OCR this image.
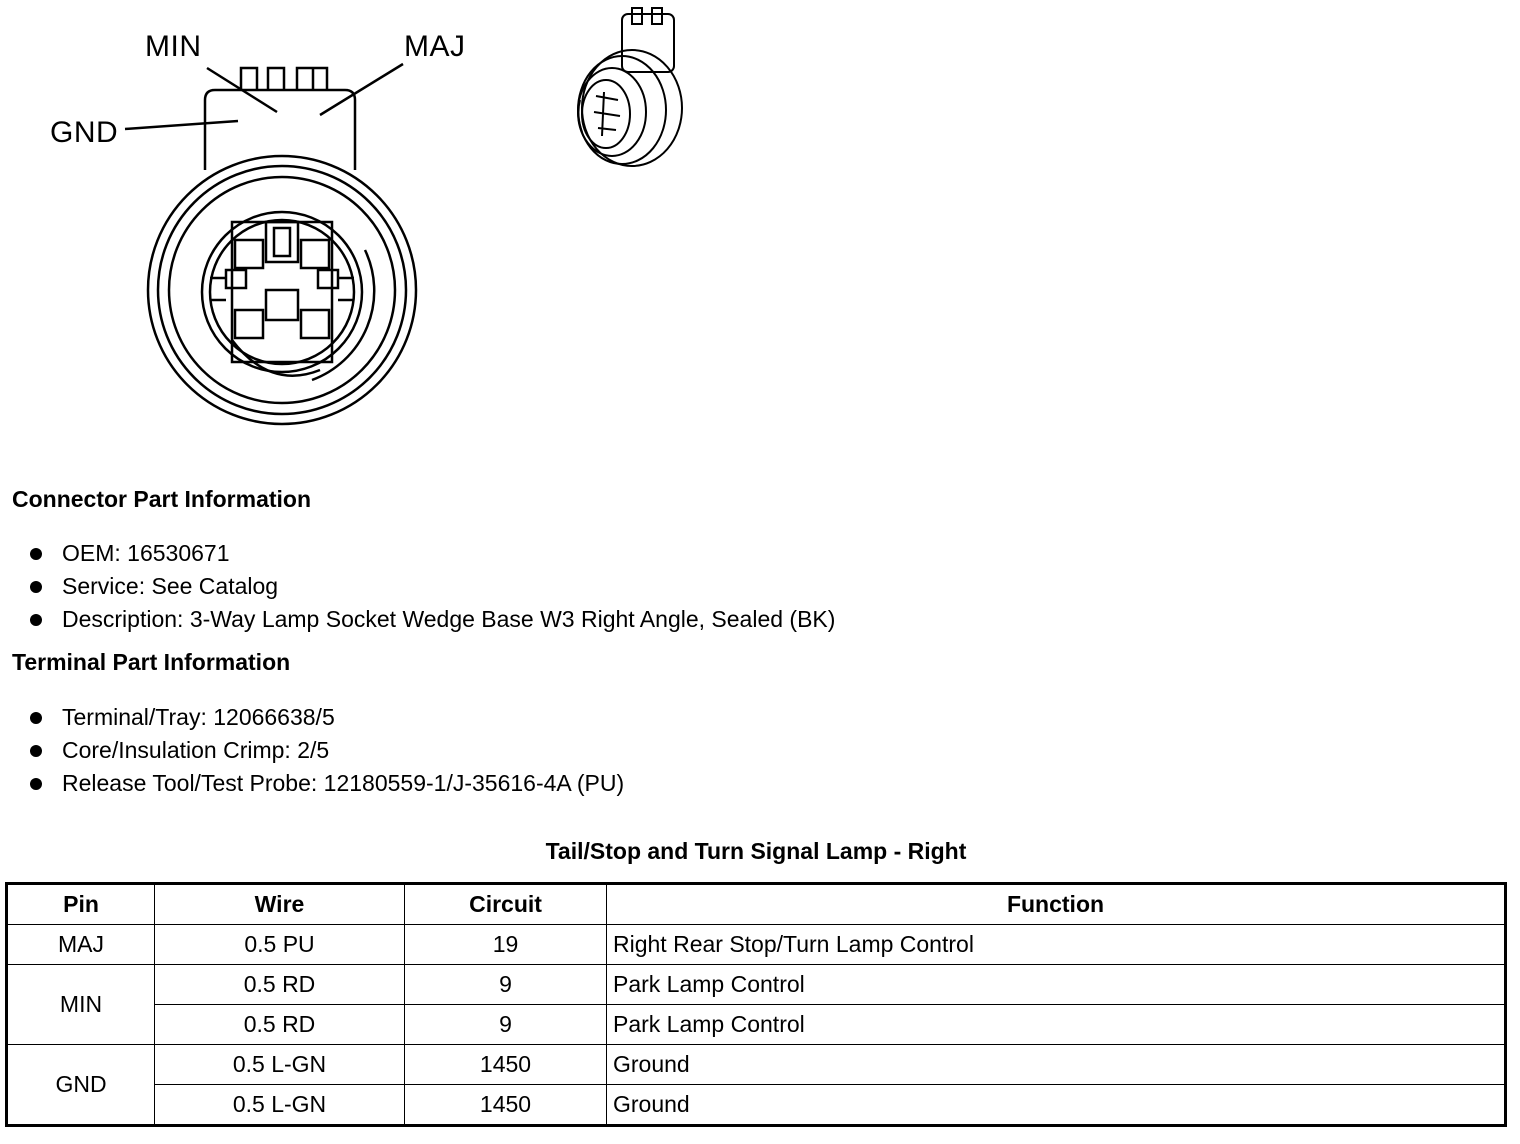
MIN	MAJ
GND
Connector Part Information
OEM: 16530671
Service: See Catalog
Description: 3-Way Lamp Socket Wedge Base W3 Right Angle, Sealed (BK)
Terminal Part Information
Terminal/Tray: 12066638/5
Core/Insulation Crimp: 2/5
Release Tool/Test Probe: 12180559-1/J-35616-4A (PU)
Tail/Stop and Turn Signal Lamp - Right
Pin	Wire	Circuit	Function
MAJ	0.5 PU	19	Right Rear Stop/Turn Lamp Control
MIN	0.5 RD	9	Park Lamp Control
	0.5 RD	9	Park Lamp Control
GND	0.5 L-GN	1450	Ground
	0.5 L-GN	1450	Ground
